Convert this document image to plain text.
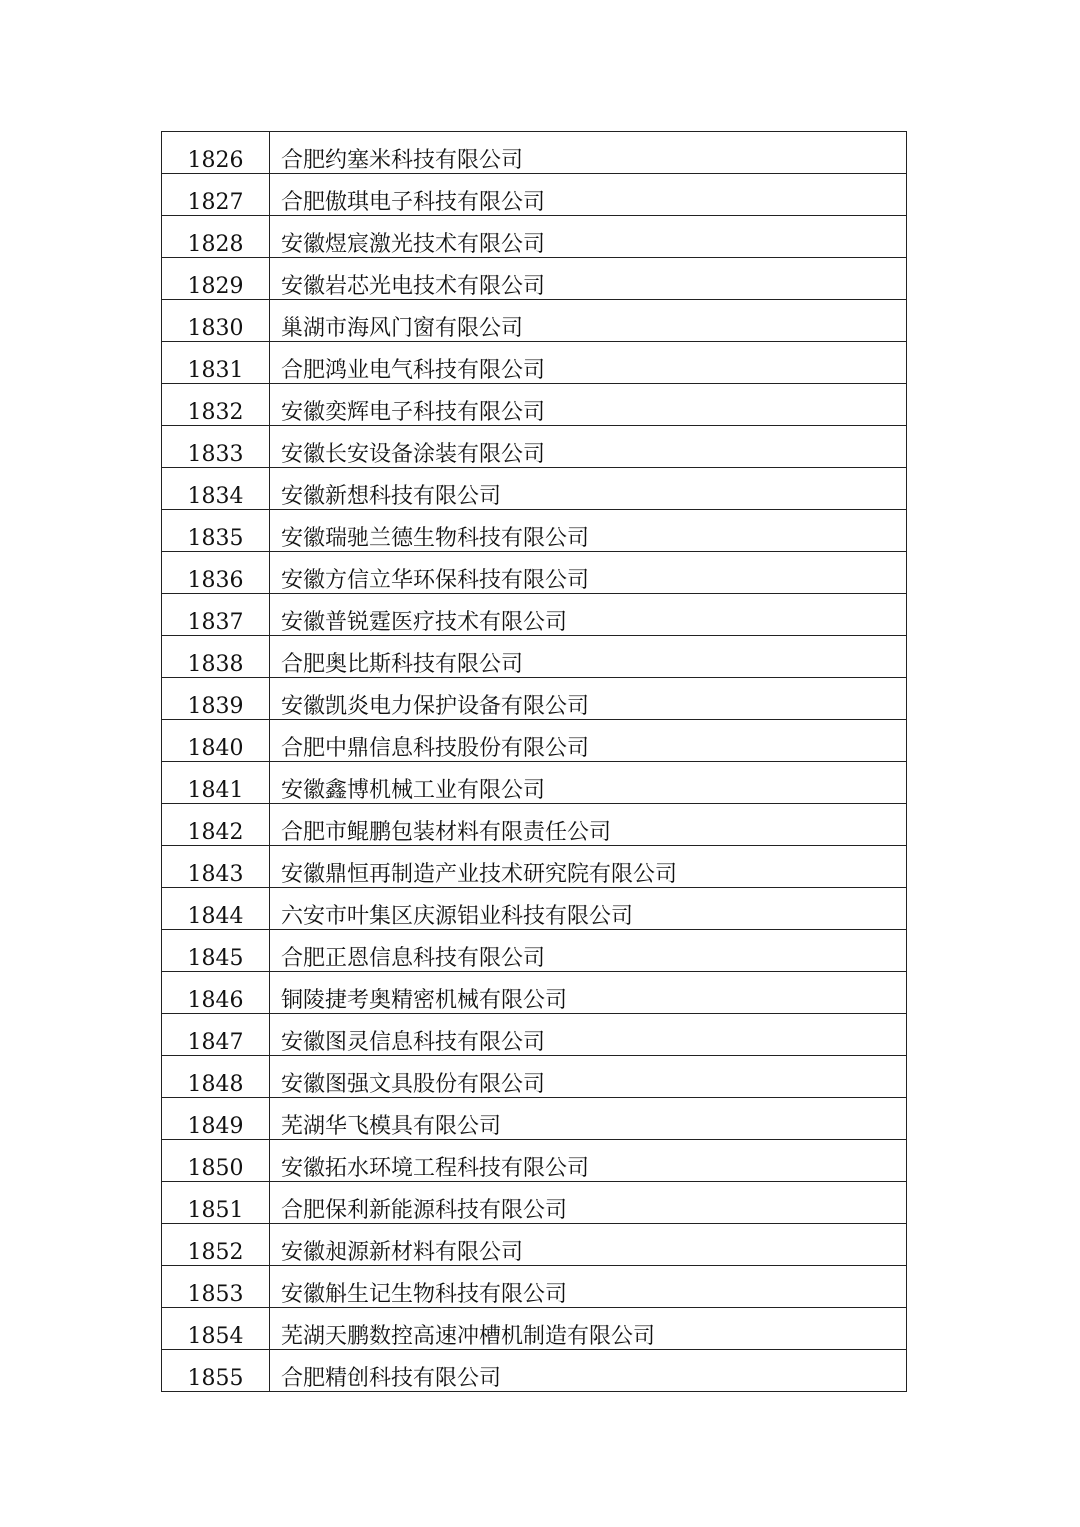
1826	合肥约塞米科技有限公司
1827	合肥傲琪电子科技有限公司
1828	安徽煜宸激光技术有限公司
1829	安徽岩芯光电技术有限公司
1830	巢湖市海风门窗有限公司
1831	合肥鸿业电气科技有限公司
1832	安徽奕辉电子科技有限公司
1833	安徽长安设备涂装有限公司
1834	安徽新想科技有限公司
1835	安徽瑞驰兰德生物科技有限公司
1836	安徽方信立华环保科技有限公司
1837	安徽普锐霆医疗技术有限公司
1838	合肥奥比斯科技有限公司
1839	安徽凯炎电力保护设备有限公司
1840	合肥中鼎信息科技股份有限公司
1841	安徽鑫博机械工业有限公司
1842	合肥市鲲鹏包装材料有限责任公司
1843	安徽鼎恒再制造产业技术研究院有限公司
1844	六安市叶集区庆源铝业科技有限公司
1845	合肥正恩信息科技有限公司
1846	铜陵捷考奥精密机械有限公司
1847	安徽图灵信息科技有限公司
1848	安徽图强文具股份有限公司
1849	芜湖华飞模具有限公司
1850	安徽拓水环境工程科技有限公司
1851	合肥保利新能源科技有限公司
1852	安徽昶源新材料有限公司
1853	安徽斛生记生物科技有限公司
1854	芜湖天鹏数控高速冲槽机制造有限公司
1855	合肥精创科技有限公司
